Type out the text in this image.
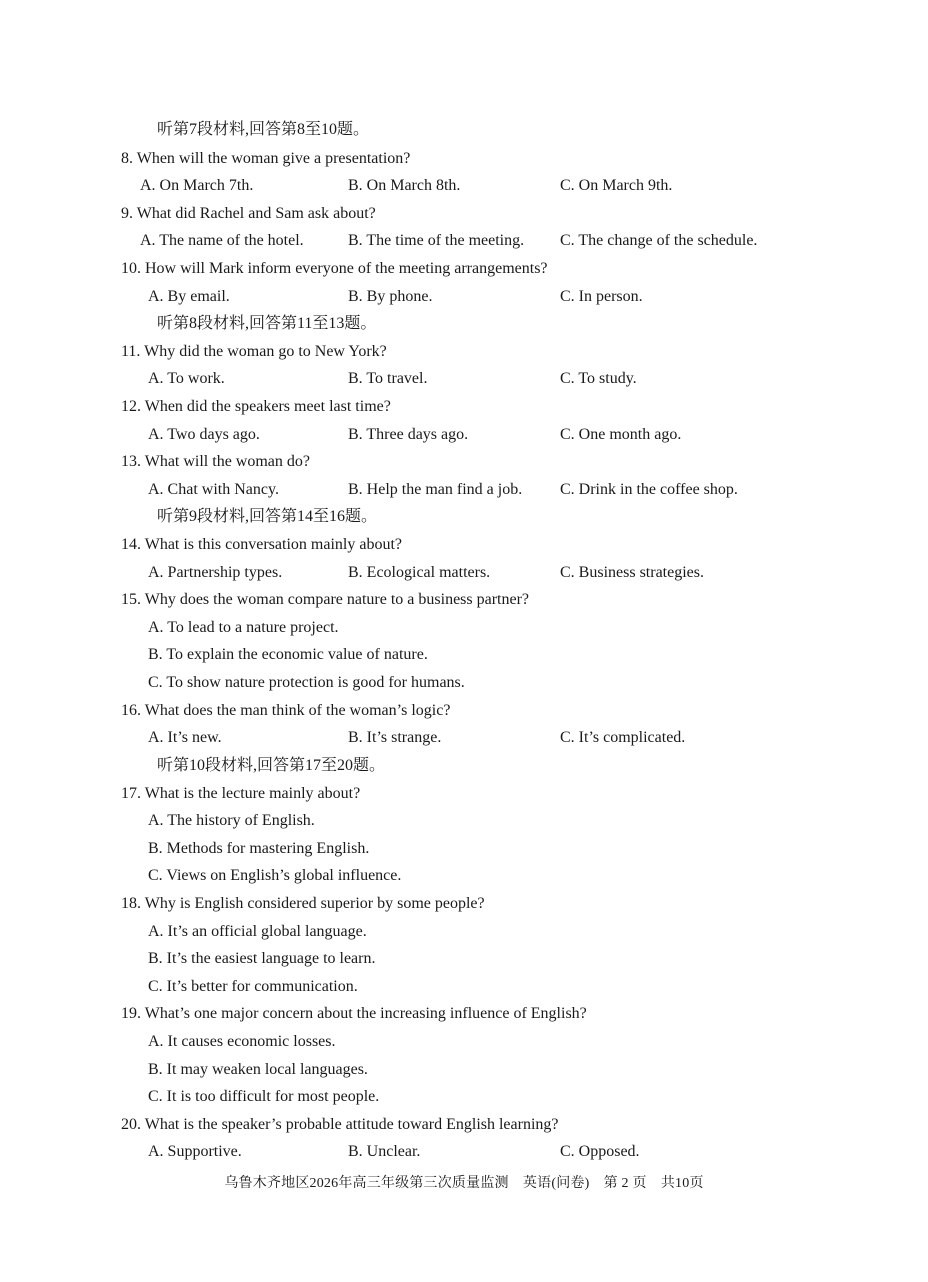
听第7段材料,回答第8至10题。
8. When will the woman give a presentation?
A. On March 7th.	B. On March 8th.	C. On March 9th.
9. What did Rachel and Sam ask about?
A. The name of the hotel.	B. The time of the meeting. C. The change of the schedule.
10. How will Mark inform everyone of the meeting arrangements?
A. By email.	B. By phone.	C. In person.
听第8段材料,回答第11至13题。
11. Why did the woman go to New York?
A. To work.	B. To travel.	C. To study.
12. When did the speakers meet last time?
A. Two days ago.	B. Three days ago.	C. One month ago.
13. What will the woman do?
A. Chat with Nancy.	B. Help the man find a job. C. Drink in the coffee shop.
听第9段材料,回答第14至16题。
14. What is this conversation mainly about?
A. Partnership types.	B. Ecological matters.	C. Business strategies.
15. Why does the woman compare nature to a business partner?
A. To lead to a nature project.
B. To explain the economic value of nature.
C. To show nature protection is good for humans.
16. What does the man think of the woman’s logic?
A. It’s new.	B. It’s strange.	C. It’s complicated.
听第10段材料,回答第17至20题。
17. What is the lecture mainly about?
A. The history of English.
B. Methods for mastering English.
C. Views on English’s global influence.
18. Why is English considered superior by some people?
A. It’s an official global language.
B. It’s the easiest language to learn.
C. It’s better for communication.
19. What’s one major concern about the increasing influence of English?
A. It causes economic losses.
B. It may weaken local languages.
C. It is too difficult for most people.
20. What is the speaker’s probable attitude toward English learning?
A. Supportive.	B. Unclear.	C. Opposed.
乌鲁木齐地区2026年高三年级第三次质量监测　英语(问卷)　第 2 页　共10页
